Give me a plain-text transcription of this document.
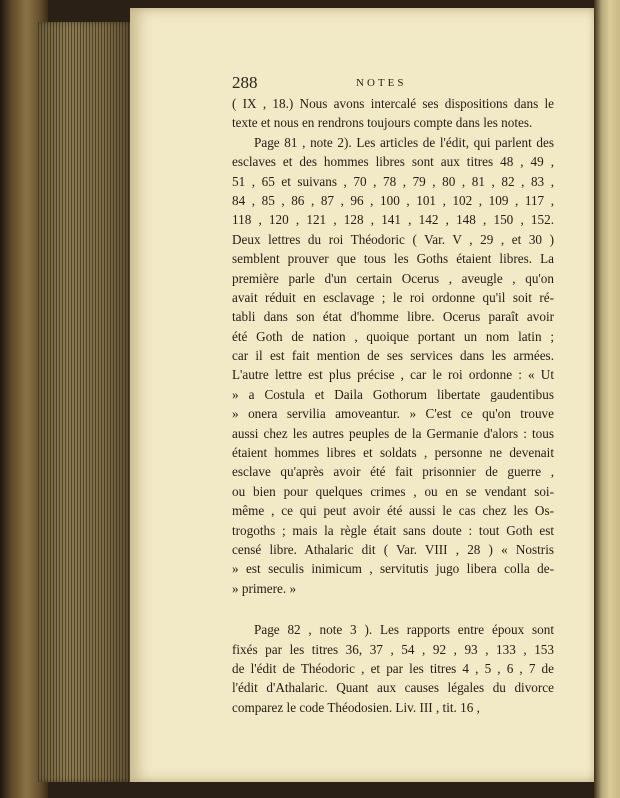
288	NOTES
( IX , 18.) Nous avons intercalé ses dispositions dans le
texte et nous en rendrons toujours compte dans les notes.
Page 81 , note 2). Les articles de l'édit, qui parlent des
esclaves et des hommes libres sont aux titres 48 , 49 ,
51 , 65 et suivans , 70 , 78 , 79 , 80 , 81 , 82 , 83 ,
84 , 85 , 86 , 87 , 96 , 100 , 101 , 102 , 109 , 117 ,
118 , 120 , 121 , 128 , 141 , 142 , 148 , 150 , 152.
Deux lettres du roi Théodoric ( Var. V , 29 , et 30 )
semblent prouver que tous les Goths étaient libres. La
première parle d'un certain Ocerus , aveugle , qu'on
avait réduit en esclavage ; le roi ordonne qu'il soit ré-
tabli dans son état d'homme libre. Ocerus paraît avoir
été Goth de nation , quoique portant un nom latin ;
car il est fait mention de ses services dans les armées.
L'autre lettre est plus précise , car le roi ordonne : « Ut
» a Costula et Daila Gothorum libertate gaudentibus
» onera servilia amoveantur. » C'est ce qu'on trouve
aussi chez les autres peuples de la Germanie d'alors : tous
étaient hommes libres et soldats , personne ne devenait
esclave qu'après avoir été fait prisonnier de guerre ,
ou bien pour quelques crimes , ou en se vendant soi-
même , ce qui peut avoir été aussi le cas chez les Os-
trogoths ; mais la règle était sans doute : tout Goth est
censé libre. Athalaric dit ( Var. VIII , 28 ) « Nostris
» est seculis inimicum , servitutis jugo libera colla de-
» primere. »
Page 82 , note 3 ). Les rapports entre époux sont
fixés par les titres 36, 37 , 54 , 92 , 93 , 133 , 153
de l'édit de Théodoric , et par les titres 4 , 5 , 6 , 7 de
l'édit d'Athalaric. Quant aux causes légales du divorce
comparez le code Théodosien. Liv. III , tit. 16 ,
